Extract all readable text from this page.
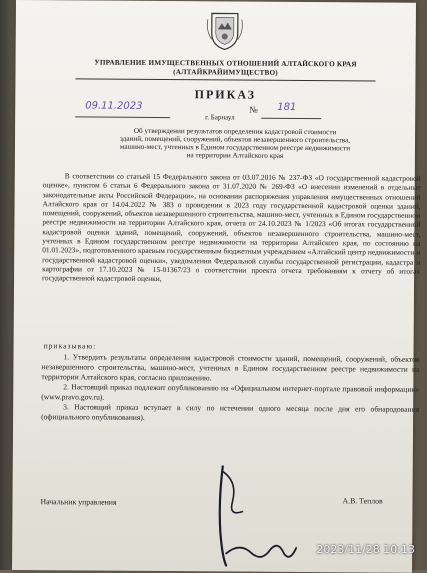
УПРАВЛЕНИЕ ИМУЩЕСТВЕННЫХ ОТНОШЕНИЙ АЛТАЙСКОГО КРАЯ
(АЛТАЙКРАЙИМУЩЕСТВО)
ПРИКАЗ
09.11.2023
г. Барнаул
№ 181
Об утверждении результатов определения кадастровой стоимости
зданий, помещений, сооружений, объектов незавершенного строительства,
машино-мест, учтенных в Едином государственном реестре недвижимости
на территории Алтайского края

В соответствии со статьей 15 Федерального закона от 03.07.2016 № 237-ФЗ «О государственной кадастровой оценке», пунктом 6 статьи 6 Федерального закона от 31.07.2020 № 269-ФЗ «О внесении изменений в отдельные законодательные акты Российской Федерации», на основании распоряжения управления имущественных отношений Алтайского края от 14.04.2022 № 383 о проведении в 2023 году государственной кадастровой оценки зданий, помещений, сооружений, объектов незавершенного строительства, машино-мест, учтенных в Едином государственном реестре недвижимости на территории Алтайского края, отчета от 24.10.2023 № 1/2023 «Об итогах государственной кадастровой оценки зданий, помещений, сооружений, объектов незавершенного строительства, машино-мест, учтенных в Едином государственном реестре недвижимости на территории Алтайского края, по состоянию на 01.01.2023», подготовленного краевым государственным бюджетным учреждением «Алтайский центр недвижимости и государственной кадастровой оценки», уведомления Федеральной службы государственной регистрации, кадастра и картографии от 17.10.2023 № 15-01367/23 о соответствии проекта отчета требованиям к отчету об итогах государственной кадастровой оценки,

приказываю:

1. Утвердить результаты определения кадастровой стоимости зданий, помещений, сооружений, объектов незавершенного строительства, машино-мест, учтенных в Едином государственном реестре недвижимости на территории Алтайского края, согласно приложению.

2. Настоящий приказ подлежит опубликованию на «Официальном интернет-портале правовой информации» (www.pravo.gov.ru).

3. Настоящий приказ вступает в силу по истечении одного месяца после дня его обнародования (официального опубликования).

Начальник управления	А.В. Теплов
2023/11/28 10:13
